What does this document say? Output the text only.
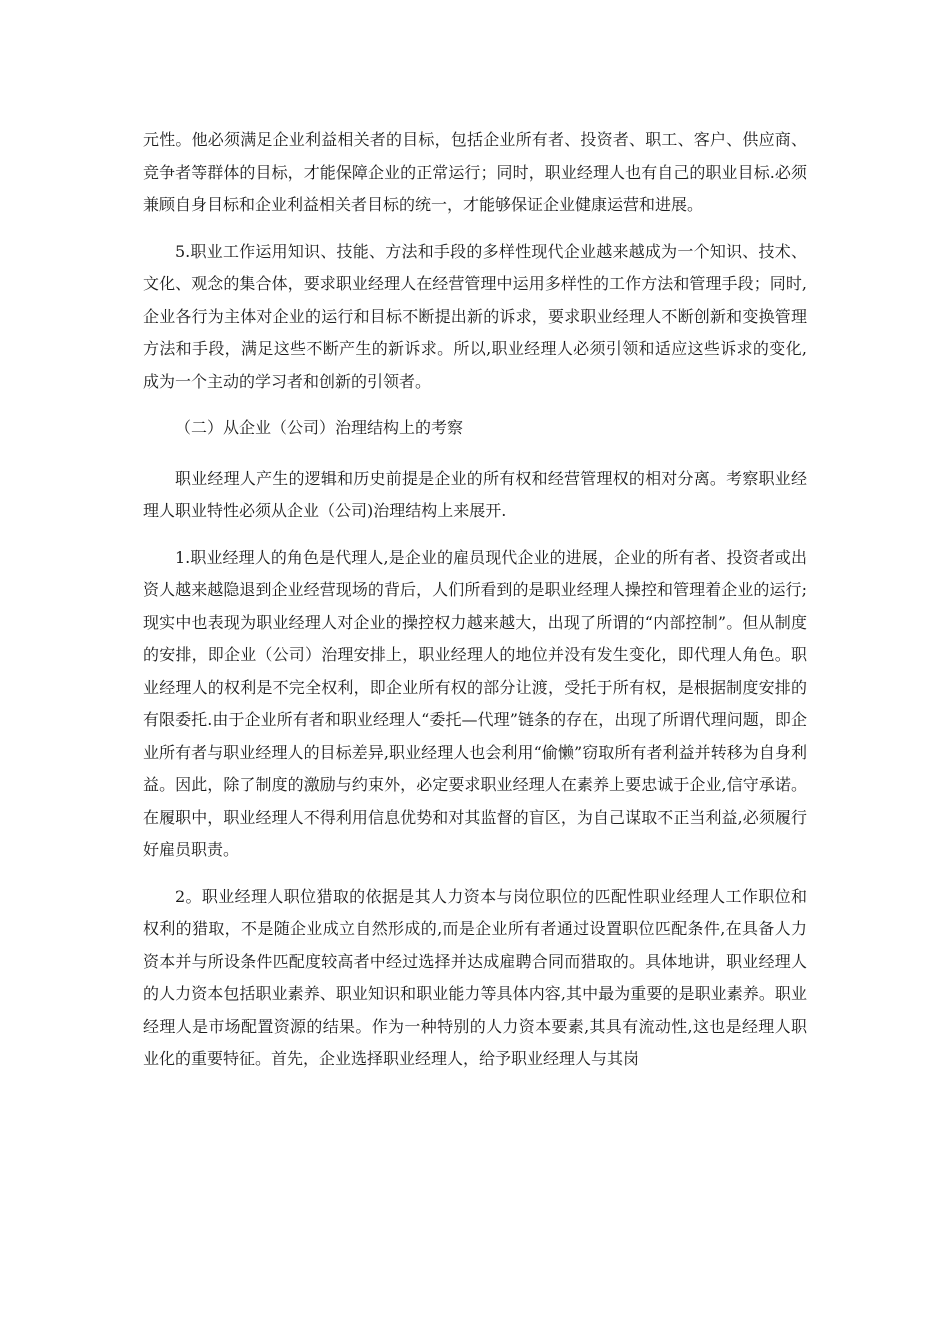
元性。他必须满足企业利益相关者的目标，包括企业所有者、投资者、职工、客户、供应商、竞争者等群体的目标，才能保障企业的正常运行；同时，职业经理人也有自己的职业目标.必须兼顾自身目标和企业利益相关者目标的统一，才能够保证企业健康运营和进展。

5.职业工作运用知识、技能、方法和手段的多样性现代企业越来越成为一个知识、技术、文化、观念的集合体，要求职业经理人在经营管理中运用多样性的工作方法和管理手段；同时,企业各行为主体对企业的运行和目标不断提出新的诉求，要求职业经理人不断创新和变换管理方法和手段，满足这些不断产生的新诉求。所以,职业经理人必须引领和适应这些诉求的变化,成为一个主动的学习者和创新的引领者。

（二）从企业（公司）治理结构上的考察

职业经理人产生的逻辑和历史前提是企业的所有权和经营管理权的相对分离。考察职业经理人职业特性必须从企业（公司)治理结构上来展开.

1.职业经理人的角色是代理人,是企业的雇员现代企业的进展，企业的所有者、投资者或出资人越来越隐退到企业经营现场的背后，人们所看到的是职业经理人操控和管理着企业的运行;现实中也表现为职业经理人对企业的操控权力越来越大，出现了所谓的“内部控制”。但从制度的安排，即企业（公司）治理安排上，职业经理人的地位并没有发生变化，即代理人角色。职业经理人的权利是不完全权利，即企业所有权的部分让渡，受托于所有权，是根据制度安排的有限委托.由于企业所有者和职业经理人“委托—代理”链条的存在，出现了所谓代理问题，即企业所有者与职业经理人的目标差异,职业经理人也会利用“偷懒”窃取所有者利益并转移为自身利益。因此，除了制度的激励与约束外，必定要求职业经理人在素养上要忠诚于企业,信守承诺。在履职中，职业经理人不得利用信息优势和对其监督的盲区，为自己谋取不正当利益,必须履行好雇员职责。

2。职业经理人职位猎取的依据是其人力资本与岗位职位的匹配性职业经理人工作职位和权利的猎取，不是随企业成立自然形成的,而是企业所有者通过设置职位匹配条件,在具备人力资本并与所设条件匹配度较高者中经过选择并达成雇聘合同而猎取的。具体地讲，职业经理人的人力资本包括职业素养、职业知识和职业能力等具体内容,其中最为重要的是职业素养。职业经理人是市场配置资源的结果。作为一种特别的人力资本要素,其具有流动性,这也是经理人职业化的重要特征。首先，企业选择职业经理人，给予职业经理人与其岗
